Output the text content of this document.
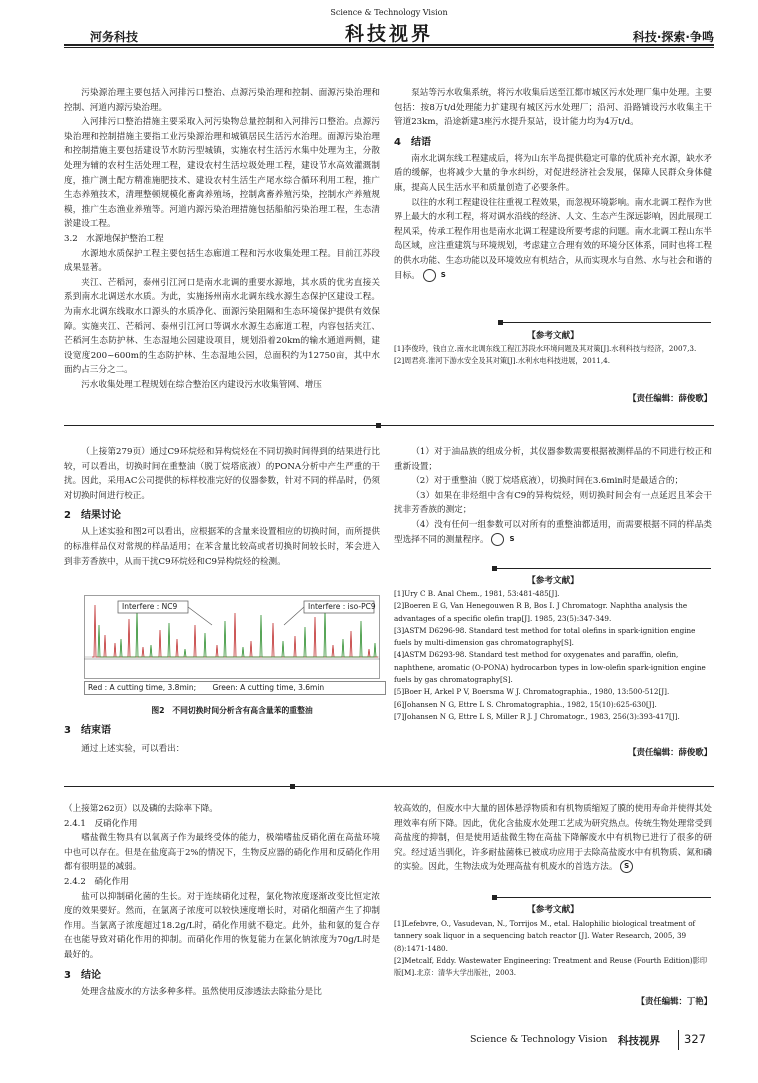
Science & Technology Vision
科技视界
河务科技	科技·探索·争鸣

污染源治理主要包括入河排污口整治、点源污染治理和控制、面源污染治理和控制、河道内源污染治理。

入河排污口整治措施主要采取入河污染物总量控制和入河排污口整治。点源污染治理和控制措施主要指工业污染源治理和城镇居民生活污水治理。面源污染治理和控制措施主要包括建设节水防污型城镇，实施农村生活污水集中处理为主，分散处理为辅的农村生活处理工程，建设农村生活垃圾处理工程，建设节水高效灌溉制度，推广测土配方精准施肥技术、建设农村生活生产尾水综合循环利用工程，推广生态养殖技术，清理整顿规模化畜禽养殖场，控制禽畜养殖污染，控制水产养殖规模，推广生态渔业养殖等。河道内源污染治理措施包括船舶污染治理工程，生态清淤建设工程。

3.2　水源地保护整治工程

水源地水质保护工程主要包括生态廊道工程和污水收集处理工程。目前江苏段成果显著。

夹江、芒稻河，泰州引江河口是南水北调的重要水源地，其水质的优劣直接关系到南水北调送水水质。为此，实施扬州南水北调东线水源生态保护区建设工程。为南水北调东线取水口源头的水质净化、面源污染阻隔和生态环境保护提供有效保障。实施夹江、芒稻河、泰州引江河口等调水水源生态廊道工程，内容包括夹江、芒稻河生态防护林、生态湿地公园建设项目，规划沿着20km的输水通道两侧，建设宽度200~600m的生态防护林、生态湿地公园，总面积约为12750亩，其中水面约占三分之二。

污水收集处理工程规划在综合整治区内建设污水收集管网、增压

泵站等污水收集系统，将污水收集后送至江都市城区污水处理厂集中处理。主要包括：按8万t/d处理能力扩建现有城区污水处理厂；沿河、沿路铺设污水收集主干管道23km，沿途新建3座污水提升泵站，设计能力均为4万t/d。

4　结语

南水北调东线工程建成后，将为山东半岛提供稳定可靠的优质补充水源，缺水矛盾的缓解，也将减少大量的争水纠纷，对促进经济社会发展，保障人民群众身体健康，提高人民生活水平和质量创造了必要条件。

以往的水利工程建设往往重视工程效果，而忽视环境影响。南水北调工程作为世界上最大的水利工程，将对调水沿线的经济、人文、生态产生深远影响，因此展现工程风采，传承工程作用也是南水北调工程建设所要考虑的问题。南水北调工程山东半岛区域，应注重建筑与环境规划，考虑建立合理有效的环境分区体系，同时也将工程的供水功能、生态功能以及环境效应有机结合，从而实现水与自然、水与社会和谐的目标。	S

【参考文献】
[1]李俊玲，钱自立.南水北调东线工程江苏段水环境问题及其对策[J].水利科技与经济，2007,3.
[2]周君亮.淮河下游水安全及其对策[J].水利水电科技进展，2011,4.
【责任编辑：薛俊歌】

（上接第279页）通过C9环烷烃和异构烷烃在不同切换时间得到的结果进行比较，可以看出，切换时间在重整油（脱丁烷塔底液）的PONA分析中产生严重的干扰。因此，采用AC公司提供的标样校准完好的仪器参数，针对不同的样品时，仍须对切换时间进行校正。

2　结果讨论

从上述实验和图2可以看出，应根据苯的含量来设置相应的切换时间，而所提供的标准样品仪对常规的样品适用；在苯含量比较高或者切换时间较长时，苯会进入到非芳香族中，从而干扰C9环烷烃和C9异构烷烃的检测。

Interfere : NC9	Interfere : iso-PC9
Red : A cutting time, 3.8min; Green: A cutting time, 3.6min
图2　不同切换时间分析含有高含量苯的重整油
3　结束语

通过上述实验，可以看出：

（1）对于油品族的组成分析，其仪器参数需要根据被测样品的不同进行校正和重新设置；

（2）对于重整油（脱丁烷塔底液），切换时间在3.6min时是最适合的；

（3）如果在非烃组中含有C9的异构烷烃，则切换时间会有一点延迟且苯会干扰非芳香族的测定；

（4）没有任何一组参数可以对所有的重整油都适用，而需要根据不同的样品类型选择不同的测量程序。	S

【参考文献】
[1]Ury C B. Anal Chem., 1981, 53:481-485[J].
[2]Boeren E G, Van Henegouwen R B, Bos I. J Chromatogr. Naphtha analysis the advantages of a specific olefin trap[J]. 1985, 23(5):347-349.
[3]ASTM D6296-98. Standard test method for total olefins in spark-ignition engine fuels by multi-dimension gas chromatography[S].
[4]ASTM D6293-98. Standard test method for oxygenates and paraffin, olefin, naphthene, aromatic (O-PONA) hydrocarbon types in low-olefin spark-ignition engine fuels by gas chromatography[S].
[5]Boer H, Arkel P V, Boersma W J. Chromatographia., 1980, 13:500-512[J].
[6]Johansen N G, Ettre L S. Chromatographia., 1982, 15(10):625-630[J].
[7]Johansen N G, Ettre L S, Miller R J. J Chromatogr., 1983, 256(3):393-417[J].
【责任编辑：薛俊歌】

（上接第262页）以及磷的去除率下降。

2.4.1　反硝化作用

嗜盐微生物具有以氧离子作为最终受体的能力，极端嗜盐反硝化菌在高盐环境中也可以存在。但是在盐度高于2%的情况下，生物反应器的硝化作用和反硝化作用都有很明显的减弱。

2.4.2　硝化作用

盐可以抑制硝化菌的生长。对于连续硝化过程，氯化物浓度逐渐改变比恒定浓度的效果要好。然而，在氯离子浓度可以较快速度增长时，对硝化细菌产生了抑制作用。当氯离子浓度超过18.2g/L时，硝化作用就不稳定。此外，盐和氨的复合存在也能导致对硝化作用的抑制。而硝化作用的恢复能力在氯化钠浓度为70g/L时是最好的。

3　结论

处理含盐废水的方法多种多样。虽然使用反渗透法去除盐分是比

较高效的，但废水中大量的固体悬浮物质和有机物质缩短了膜的使用寿命并使得其处理效率有所下降。因此，优化含盐废水处理工艺成为研究热点。传统生物处理常受到高盐度的抑制，但是使用适盐微生物在高盐下降解废水中有机物已进行了很多的研究。经过适当驯化，许多耐盐菌株已被成功应用于去除高盐废水中有机物质、氮和磷的实验。因此，生物法成为处理高盐有机废水的首选方法。 S

【参考文献】
[1]Lefebvre, O., Vasudevan, N., Torrijos M., etal. Halophilic biological treatment of tannery soak liquor in a sequencing batch reactor [J]. Water Research, 2005, 39 (8):1471-1480.
[2]Metcalf, Eddy. Wastewater Engineering: Treatment and Reuse (Fourth Edition)影印版[M].北京：清华大学出版社，2003.
【责任编辑：丁艳】
Science & Technology Vision 科技视界 327
